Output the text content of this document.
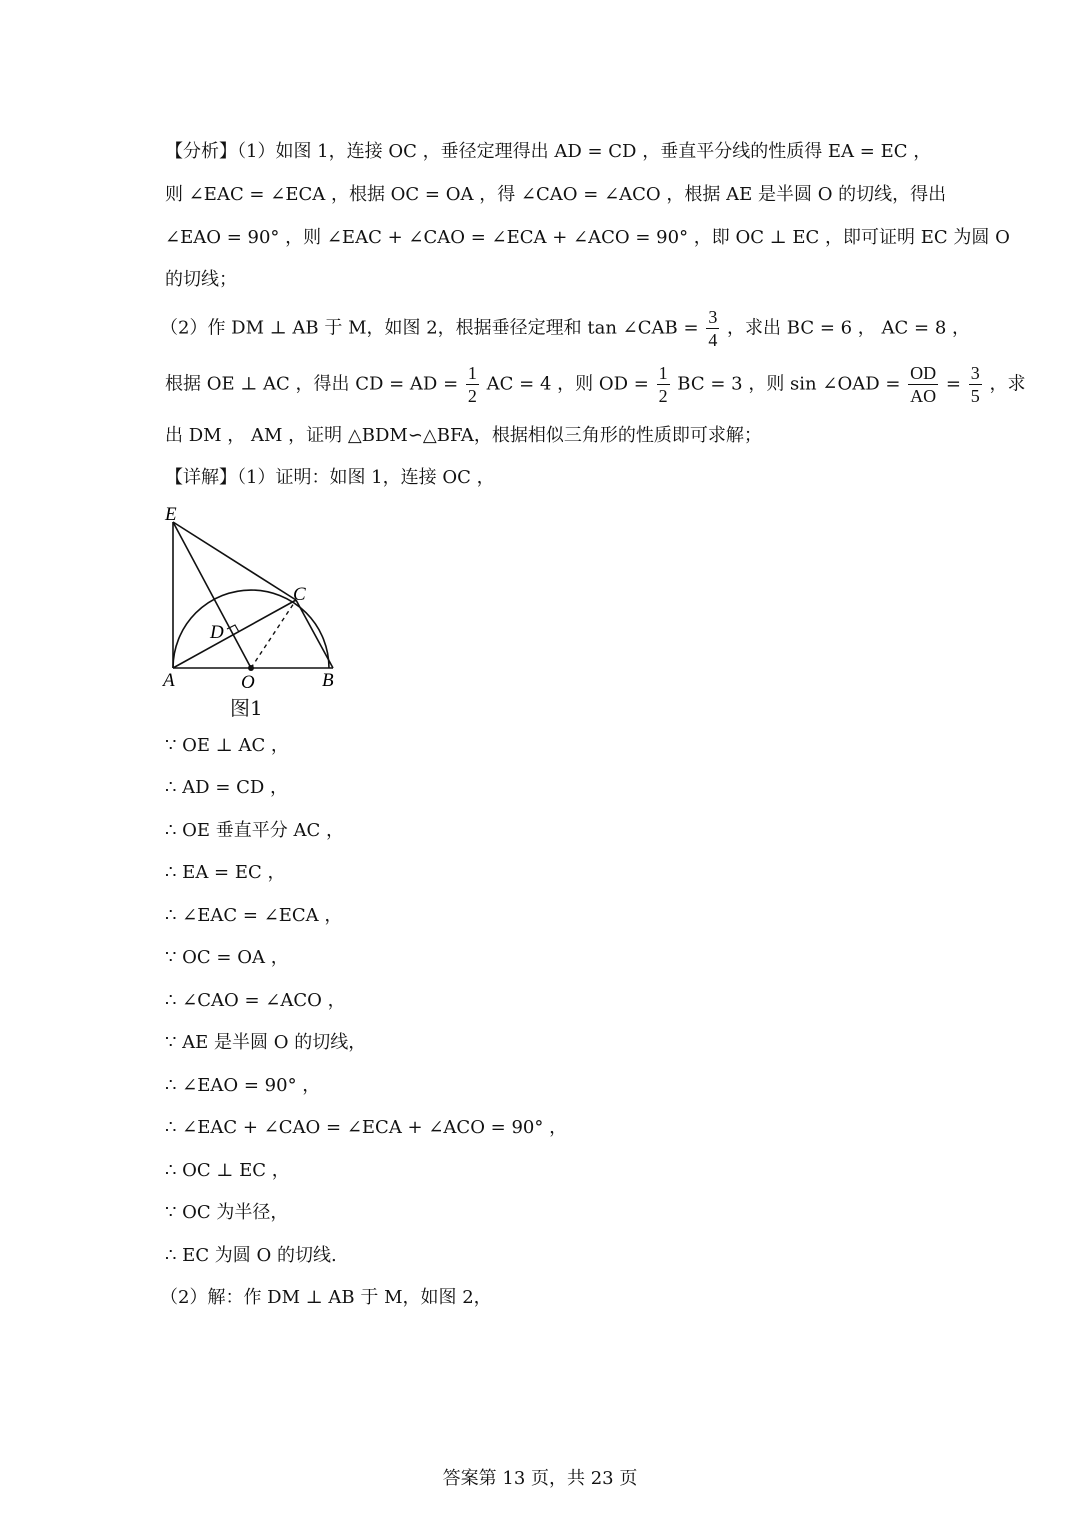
【分析】（1）如图 1，连接 OC ，垂径定理得出 AD = CD ，垂直平分线的性质得 EA = EC ，
则 ∠EAC = ∠ECA ，根据 OC = OA ，得 ∠CAO = ∠ACO ，根据 AE 是半圆 O 的切线，得出
∠EAO = 90° ，则 ∠EAC + ∠CAO = ∠ECA + ∠ACO = 90° ，即 OC ⊥ EC ，即可证明 EC 为圆 O
的切线；
（2）作 DM ⊥ AB 于 M，如图 2，根据垂径定理和 tan ∠CAB = $\frac{3}{4}$ ，求出 BC = 6 ， AC = 8 ，
根据 OE ⊥ AC ，得出 CD = AD = $\frac{1}{2}$ AC = 4 ，则 OD = $\frac{1}{2}$ BC = 3 ，则 sin ∠OAD = $\frac{OD}{AO} = \frac{3}{5}$ ，求
出 DM ， AM ，证明 △BDM∽△BFA，根据相似三角形的性质即可求解；
【详解】（1）证明：如图 1，连接 OC ，
E
C
D
A	O	B
图1
∵ OE ⊥ AC ，
∴ AD = CD ，
∴ OE 垂直平分 AC ，
∴ EA = EC ，
∴ ∠EAC = ∠ECA ，
∵ OC = OA ，
∴ ∠CAO = ∠ACO ，
∵ AE 是半圆 O 的切线，
∴ ∠EAO = 90° ，
∴ ∠EAC + ∠CAO = ∠ECA + ∠ACO = 90° ，
∴ OC ⊥ EC ，
∵ OC 为半径，
∴ EC 为圆 O 的切线.
（2）解：作 DM ⊥ AB 于 M，如图 2，
答案第 13 页，共 23 页
